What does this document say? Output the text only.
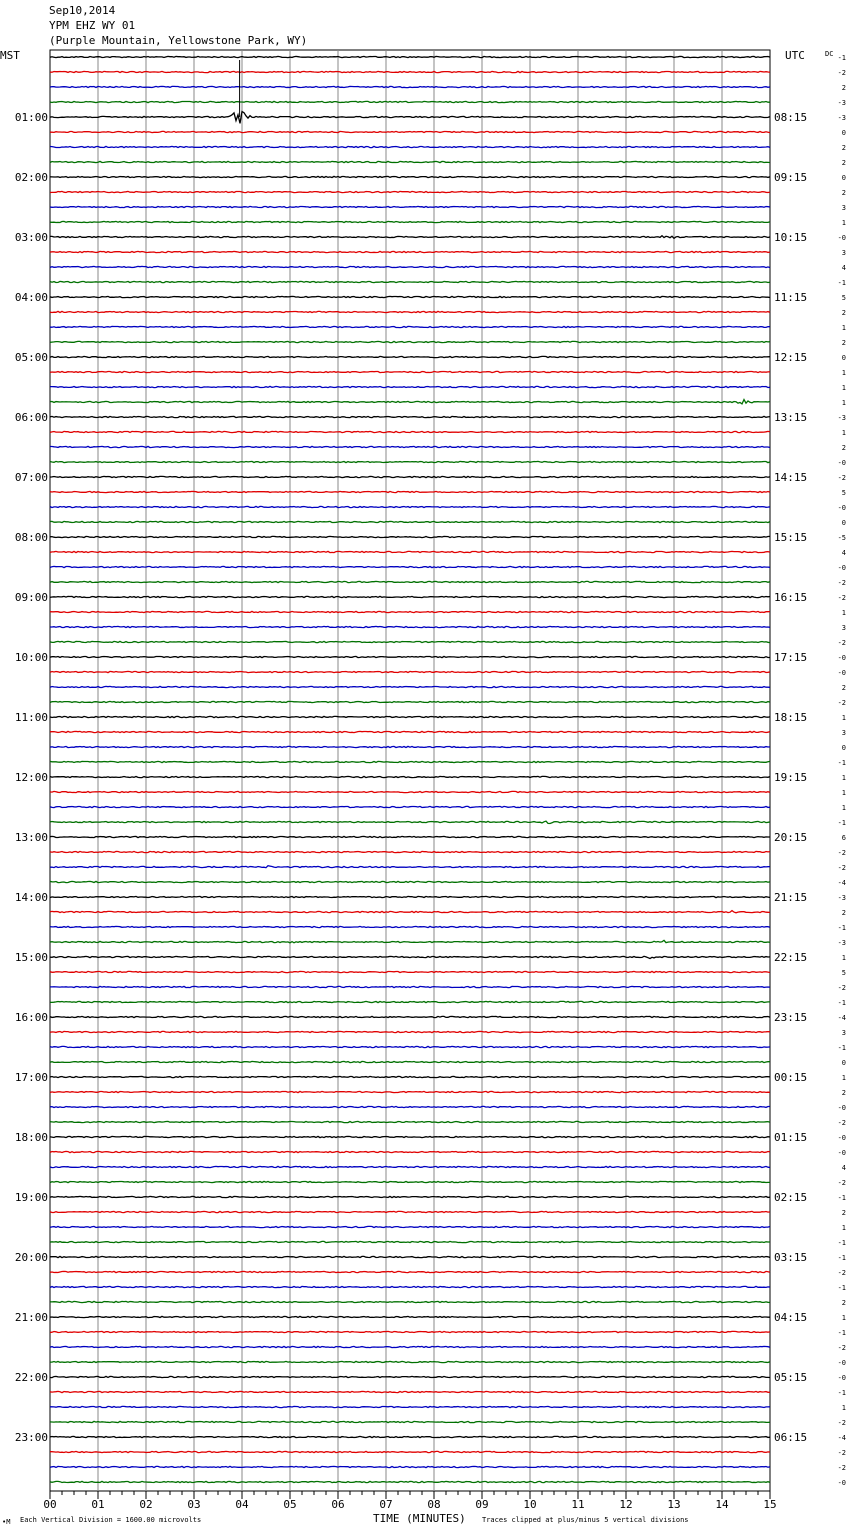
Sep10,2014
YPM EHZ WY 01
(Purple Mountain, Yellowstone Park, WY)
MST	UTC	DC -1
-2
2
-3
-3
0
2
2
0
2
3
1
-0
3
4
-1
5
2
1
2
0
1
1
1
-3
1
2
-0
-2
5
-0
0
-5
4
-0
-2
-2
1
3
-2
-0
-0
2
-2
1
3
0
-1
1
1
1
-1
6
-2
-2
-4
-3
2
-1
-3
1
5
-2
-1
-4
3
-1
0
1
2
-0
-2
-0
-0
4
-2
-1
2
1
-1
-1
-2
-1
2
1
-1
-2
-0
-0
-1
1
-2
-4
-2
-2
-0
01:00	08:15
02:00	09:15
03:00	10:15
04:00	11:15
05:00	12:15
06:00	13:15
07:00	14:15
08:00	15:15
09:00	16:15
10:00	17:15
11:00	18:15
12:00	19:15
13:00	20:15
14:00	21:15
15:00	22:15
16:00	23:15
17:00	00:15
18:00	01:15
19:00	02:15
20:00	03:15
21:00	04:15
22:00	05:15
23:00	06:15
00	01	02	03	04	05	06	07	08	09	10	11	12	13	14	15
TIME (MINUTES)
Each Vertical Division = 1600.00 microvolts	Traces clipped at plus/minus 5 vertical divisions
•M
